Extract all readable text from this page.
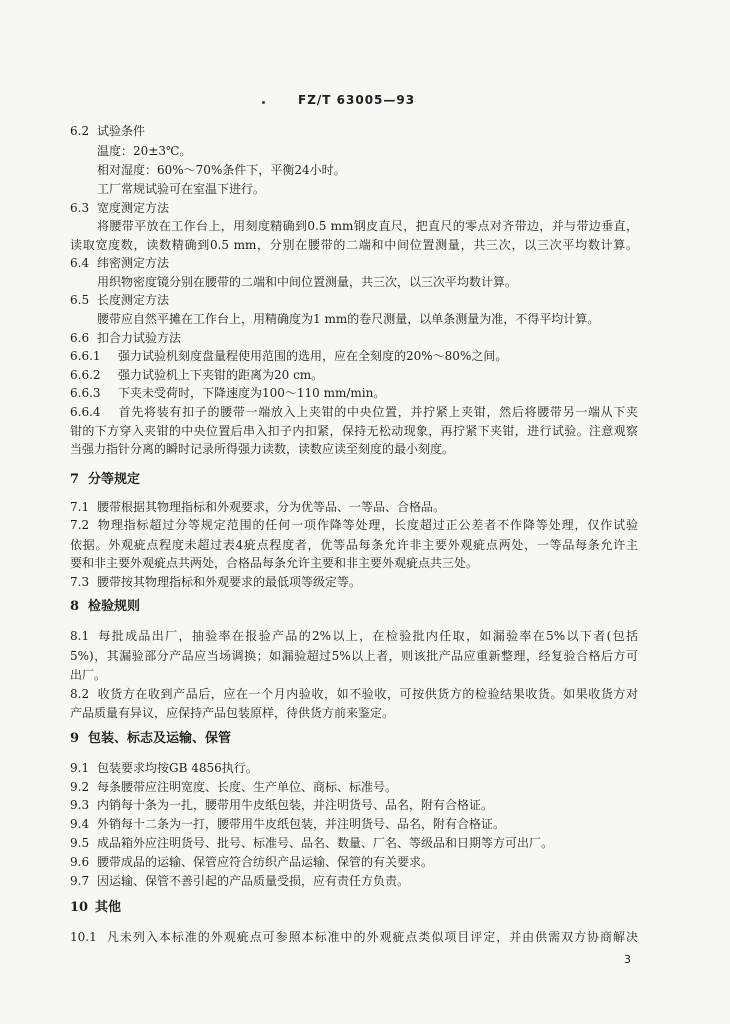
FZ/T 63005—93
6.2 试验条件
温度：20±3℃。
相对湿度：60%～70%条件下，平衡24小时。
工厂常规试验可在室温下进行。
6.3 宽度测定方法
将腰带平放在工作台上，用刻度精确到0.5 mm钢皮直尺，把直尺的零点对齐带边，并与带边垂直，
读取宽度数，读数精确到0.5 mm，分别在腰带的二端和中间位置测量，共三次，以三次平均数计算。
6.4 纬密测定方法
用织物密度镜分别在腰带的二端和中间位置测量，共三次，以三次平均数计算。
6.5 长度测定方法
腰带应自然平摊在工作台上，用精确度为1 mm的卷尺测量，以单条测量为准，不得平均计算。
6.6 扣合力试验方法
6.6.1 强力试验机刻度盘量程使用范围的选用，应在全刻度的20%～80%之间。
6.6.2 强力试验机上下夹钳的距离为20 cm。
6.6.3 下夹未受荷时，下降速度为100～110 mm/min。
6.6.4 首先将装有扣子的腰带一端放入上夹钳的中央位置，并拧紧上夹钳，然后将腰带另一端从下夹
钳的下方穿入夹钳的中央位置后串入扣子内扣紧，保持无松动现象，再拧紧下夹钳，进行试验。注意观察
当强力指针分离的瞬时记录所得强力读数，读数应读至刻度的最小刻度。
7 分等规定
7.1 腰带根据其物理指标和外观要求，分为优等品、一等品、合格品。
7.2 物理指标超过分等规定范围的任何一项作降等处理，长度超过正公差者不作降等处理，仅作试验
依据。外观疵点程度未超过表4疵点程度者，优等品每条允许非主要外观疵点两处，一等品每条允许主
要和非主要外观疵点共两处，合格品每条允许主要和非主要外观疵点共三处。
7.3 腰带按其物理指标和外观要求的最低项等级定等。
8 检验规则
8.1 每批成品出厂，抽验率在报验产品的2%以上，在检验批内任取，如漏验率在5%以下者(包括
5%)，其漏验部分产品应当场调换；如漏验超过5%以上者，则该批产品应重新整理，经复验合格后方可
出厂。
8.2 收货方在收到产品后，应在一个月内验收，如不验收，可按供货方的检验结果收货。如果收货方对
产品质量有异议，应保持产品包装原样，待供货方前来鉴定。
9 包装、标志及运输、保管
9.1 包装要求均按GB 4856执行。
9.2 每条腰带应注明宽度、长度、生产单位、商标、标准号。
9.3 内销每十条为一扎，腰带用牛皮纸包装，并注明货号、品名，附有合格证。
9.4 外销每十二条为一打，腰带用牛皮纸包装，并注明货号、品名，附有合格证。
9.5 成品箱外应注明货号、批号、标准号、品名、数量、厂名、等级品和日期等方可出厂。
9.6 腰带成品的运输、保管应符合纺织产品运输、保管的有关要求。
9.7 因运输、保管不善引起的产品质量受损，应有责任方负责。
10 其他
10.1 凡未列入本标准的外观疵点可参照本标准中的外观疵点类似项目评定，并由供需双方协商解决
3
